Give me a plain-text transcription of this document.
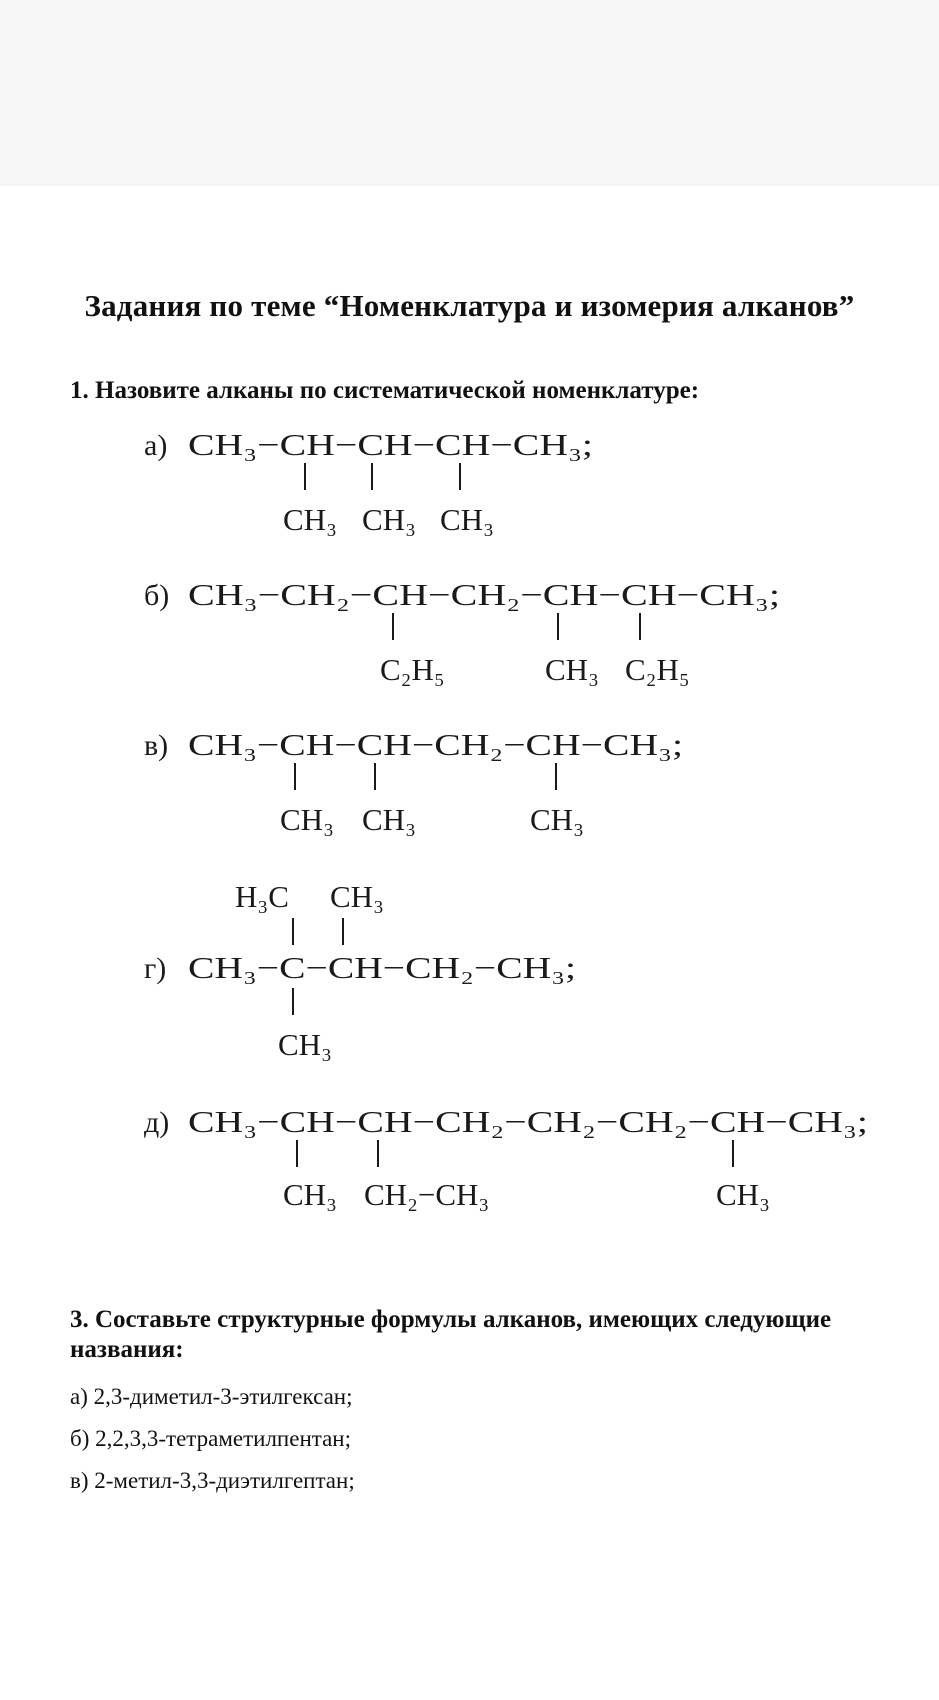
Задания по теме “Номенклатура и изомерия алканов”

1. Назовите алканы по систематической номенклатуре:

а) CH₃−CH−CH−CH−CH₃;
CH₃ CH₃ CH₃
б) CH₃−CH₂−CH−CH₂−CH−CH−CH₃;
C₂H₅	CH₃ C₂H₅
в) CH₃−CH−CH−CH₂−CH−CH₃;
CH₃ CH₃	CH₃
H₃C CH₃
г) CH₃−C−CH−CH₂−CH₃;
CH₃
д) CH₃−CH−CH−CH₂−CH₂−CH₂−CH−CH₃;
CH₃ CH₂−CH₃	CH₃

3. Составьте структурные формулы алканов, имеющих следующие названия:

а) 2,3-диметил-3-этилгексан;
б) 2,2,3,3-тетраметилпентан;
в) 2-метил-3,3-диэтилгептан;
